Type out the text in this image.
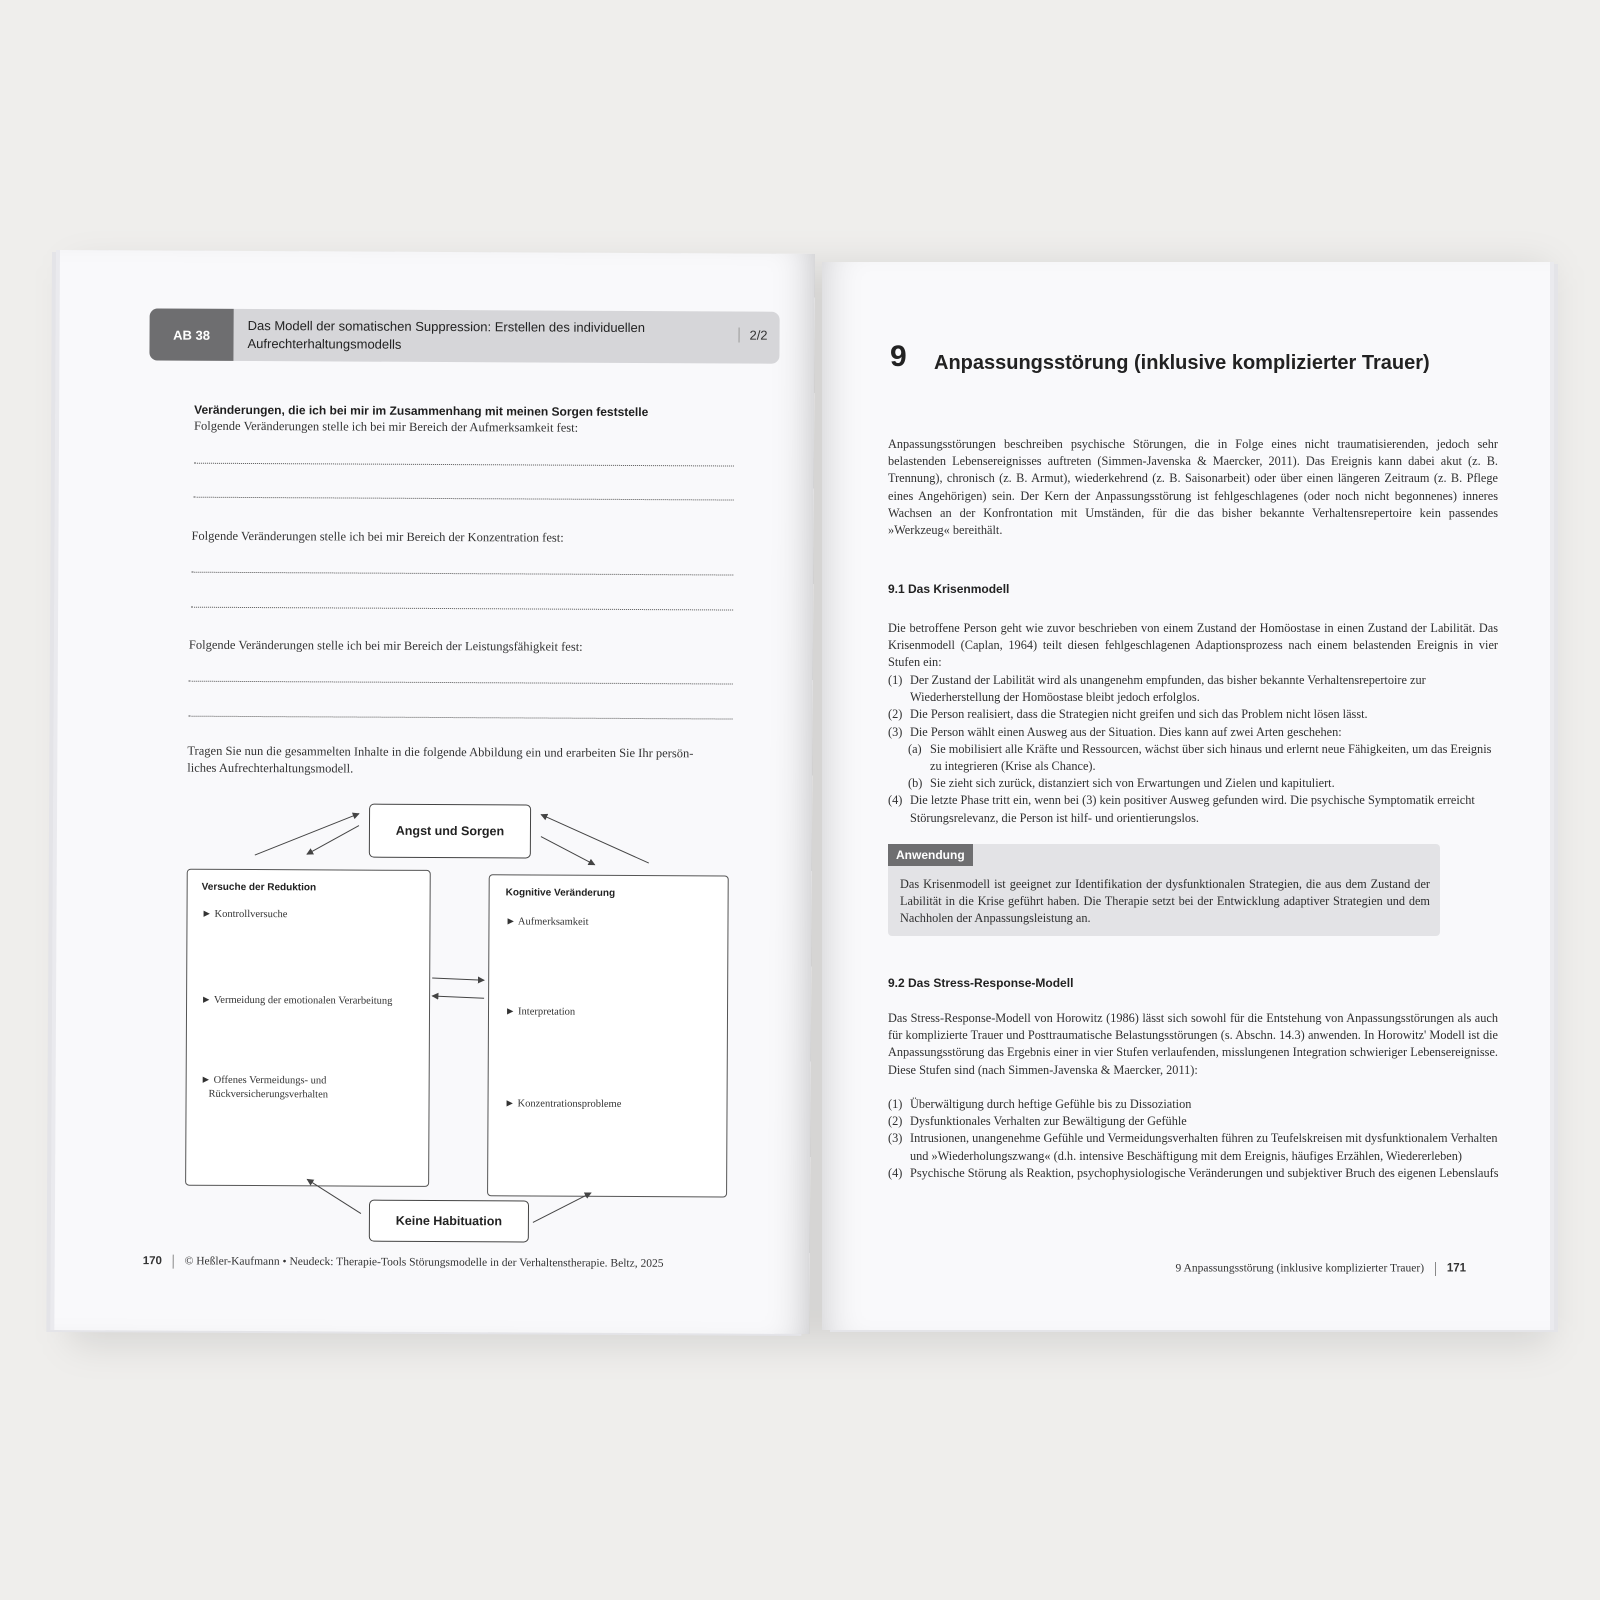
AB 38	Das Modell der somatischen Suppression: Erstellen des individuellen
Aufrechterhaltungsmodells
2/2
Veränderungen, die ich bei mir im Zusammenhang mit meinen Sorgen feststelle
Folgende Veränderungen stelle ich bei mir Bereich der Aufmerksamkeit fest:
Folgende Veränderungen stelle ich bei mir Bereich der Konzentration fest:
Folgende Veränderungen stelle ich bei mir Bereich der Leistungsfähigkeit fest:
Tragen Sie nun die gesammelten Inhalte in die folgende Abbildung ein und erarbeiten Sie Ihr persön-
liches Aufrechterhaltungsmodell.
Angst und Sorgen
Versuche der Reduktion
► Kontrollversuche
► Vermeidung der emotionalen Verarbeitung
► Offenes Vermeidungs- und
Rückversicherungsverhalten
Kognitive Veränderung
► Aufmerksamkeit
► Interpretation
► Konzentrationsprobleme
Keine Habituation
170 © Heßler-Kaufmann • Neudeck: Therapie-Tools Störungsmodelle in der Verhaltenstherapie. Beltz, 2025
9 Anpassungsstörung (inklusive komplizierter Trauer)
Anpassungsstörungen beschreiben psychische Störungen, die in Folge eines nicht traumatisierenden, jedoch sehr belastenden Lebensereignisses auftreten (Simmen-Javenska & Maercker, 2011). Das Ereignis kann dabei akut (z. B. Trennung), chronisch (z. B. Armut), wiederkehrend (z. B. Saisonarbeit) oder über einen längeren Zeitraum (z. B. Pflege eines Angehörigen) sein. Der Kern der Anpassungsstörung ist fehlgeschlagenes (oder noch nicht begonnenes) inneres Wachsen an der Konfrontation mit Umständen, für die das bisher bekannte Verhaltensrepertoire kein passendes »Werkzeug« bereithält.
9.1 Das Krisenmodell
Die betroffene Person geht wie zuvor beschrieben von einem Zustand der Homöostase in einen Zustand der Labilität. Das Krisenmodell (Caplan, 1964) teilt diesen fehlgeschlagenen Adaptionsprozess nach einem belastenden Ereignis in vier Stufen ein:
(1) Der Zustand der Labilität wird als unangenehm empfunden, das bisher bekannte Verhaltensrepertoire zur Wiederherstellung der Homöostase bleibt jedoch erfolglos.
(2) Die Person realisiert, dass die Strategien nicht greifen und sich das Problem nicht lösen lässt.
(3) Die Person wählt einen Ausweg aus der Situation. Dies kann auf zwei Arten geschehen:
(a) Sie mobilisiert alle Kräfte und Ressourcen, wächst über sich hinaus und erlernt neue Fähigkeiten, um das Ereignis zu integrieren (Krise als Chance).
(b) Sie zieht sich zurück, distanziert sich von Erwartungen und Zielen und kapituliert.
(4) Die letzte Phase tritt ein, wenn bei (3) kein positiver Ausweg gefunden wird. Die psychische Symptomatik erreicht Störungsrelevanz, die Person ist hilf- und orientierungslos.
Anwendung
Das Krisenmodell ist geeignet zur Identifikation der dysfunktionalen Strategien, die aus dem Zustand der Labilität in die Krise geführt haben. Die Therapie setzt bei der Entwicklung adaptiver Strategien und dem Nachholen der Anpassungsleistung an.
9.2 Das Stress-Response-Modell
Das Stress-Response-Modell von Horowitz (1986) lässt sich sowohl für die Entstehung von Anpassungsstörungen als auch für komplizierte Trauer und Posttraumatische Belastungsstörungen (s. Abschn. 14.3) anwenden. In Horowitz' Modell ist die Anpassungsstörung das Ergebnis einer in vier Stufen verlaufenden, misslungenen Integration schwieriger Lebensereignisse. Diese Stufen sind (nach Simmen-Javenska & Maercker, 2011):
(1) Überwältigung durch heftige Gefühle bis zu Dissoziation
(2) Dysfunktionales Verhalten zur Bewältigung der Gefühle
(3) Intrusionen, unangenehme Gefühle und Vermeidungsverhalten führen zu Teufelskreisen mit dysfunktionalem Verhalten und »Wiederholungszwang« (d.h. intensive Beschäftigung mit dem Ereignis, häufiges Erzählen, Wiedererleben)
(4) Psychische Störung als Reaktion, psychophysiologische Veränderungen und subjektiver Bruch des eigenen Lebenslaufs
9 Anpassungsstörung (inklusive komplizierter Trauer) 171
